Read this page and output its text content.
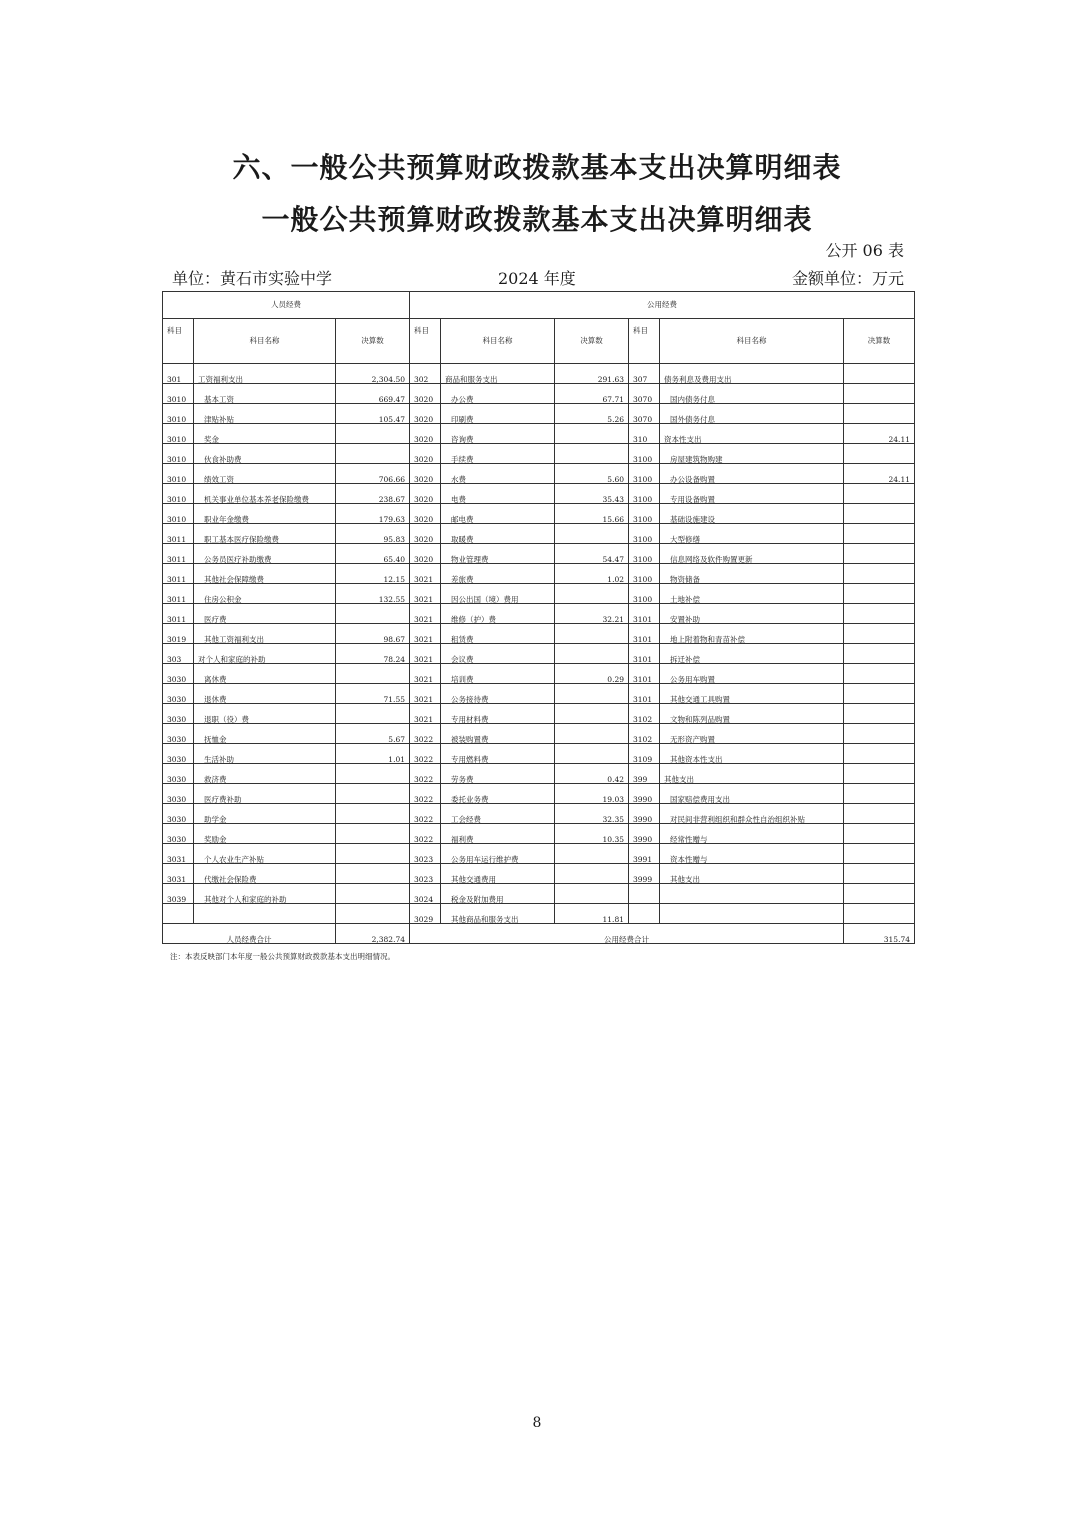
六、一般公共预算财政拨款基本支出决算明细表
一般公共预算财政拨款基本支出决算明细表
公开 06 表
单位：黄石市实验中学	2024 年度	金额单位：万元
人员经费			公用经费					
科目	科目名称	决算数	科目	科目名称	决算数	科目	科目名称	决算数
301	工资福利支出	2,304.50	302	商品和服务支出	291.63	307	债务利息及费用支出	
3010	基本工资	669.47	3020	办公费	67.71	3070	国内债务付息	
3010	津贴补贴	105.47	3020	印刷费	5.26	3070	国外债务付息	
3010	奖金		3020	咨询费		310	资本性支出	24.11
3010	伙食补助费		3020	手续费		3100	房屋建筑物购建	
3010	绩效工资	706.66	3020	水费	5.60	3100	办公设备购置	24.11
3010	机关事业单位基本养老保险缴费	238.67	3020	电费	35.43	3100	专用设备购置	
3010	职业年金缴费	179.63	3020	邮电费	15.66	3100	基础设施建设	
3011	职工基本医疗保险缴费	95.83	3020	取暖费		3100	大型修缮	
3011	公务员医疗补助缴费	65.40	3020	物业管理费	54.47	3100	信息网络及软件购置更新	
3011	其他社会保障缴费	12.15	3021	差旅费	1.02	3100	物资储备	
3011	住房公积金	132.55	3021	因公出国（境）费用		3100	土地补偿	
3011	医疗费		3021	维修（护）费	32.21	3101	安置补助	
3019	其他工资福利支出	98.67	3021	租赁费		3101	地上附着物和青苗补偿	
303	对个人和家庭的补助	78.24	3021	会议费		3101	拆迁补偿	
3030	离休费		3021	培训费	0.29	3101	公务用车购置	
3030	退休费	71.55	3021	公务接待费		3101	其他交通工具购置	
3030	退职（役）费		3021	专用材料费		3102	文物和陈列品购置	
3030	抚恤金	5.67	3022	被装购置费		3102	无形资产购置	
3030	生活补助	1.01	3022	专用燃料费		3109	其他资本性支出	
3030	救济费		3022	劳务费	0.42	399	其他支出	
3030	医疗费补助		3022	委托业务费	19.03	3990	国家赔偿费用支出	
3030	助学金		3022	工会经费	32.35	3990	对民间非营利组织和群众性自治组织补贴	
3030	奖励金		3022	福利费	10.35	3990	经常性赠与	
3031	个人农业生产补贴		3023	公务用车运行维护费		3991	资本性赠与	
3031	代缴社会保险费		3023	其他交通费用		3999	其他支出	
3039	其他对个人和家庭的补助		3024	税金及附加费用				
			3029	其他商品和服务支出	11.81			
人员经费合计		2,382.74	公用经费合计					315.74
注：本表反映部门本年度一般公共预算财政拨款基本支出明细情况。
8
